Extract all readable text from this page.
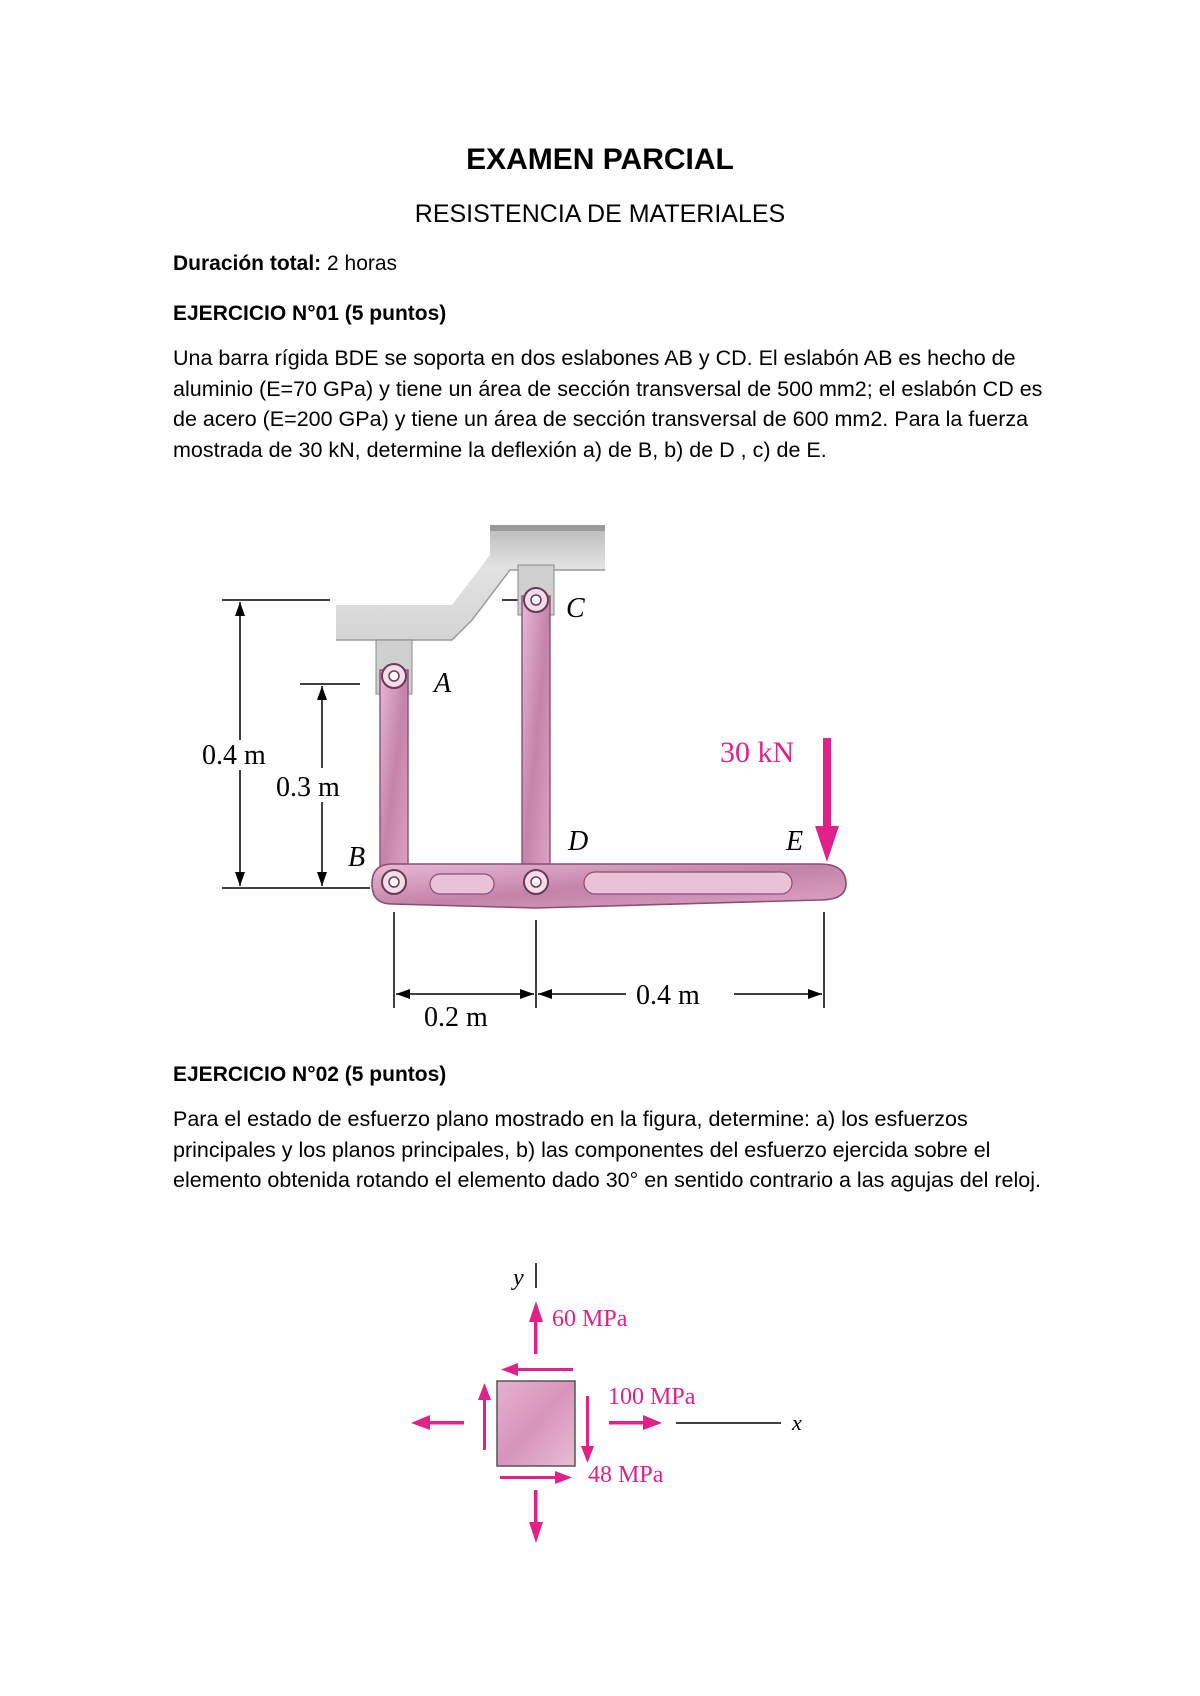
EXAMEN PARCIAL
RESISTENCIA DE MATERIALES
Duración total: 2 horas
EJERCICIO N°01 (5 puntos)

Una barra rígida BDE se soporta en dos eslabones AB y CD. El eslabón AB es hecho de aluminio (E=70 GPa) y tiene un área de sección transversal de 500 mm2; el eslabón CD es de acero (E=200 GPa) y tiene un área de sección transversal de 600 mm2. Para la fuerza mostrada de 30 kN, determine la deflexión a) de B, b) de D , c) de E.

A
C
B
D	E
0.4 m
0.3 m
30 kN
0.2 m
0.4 m
EJERCICIO N°02 (5 puntos)

Para el estado de esfuerzo plano mostrado en la figura, determine: a) los esfuerzos principales y los planos principales, b) las componentes del esfuerzo ejercida sobre el elemento obtenida rotando el elemento dado 30° en sentido contrario a las agujas del reloj.

y
x
60 MPa
100 MPa
48 MPa
